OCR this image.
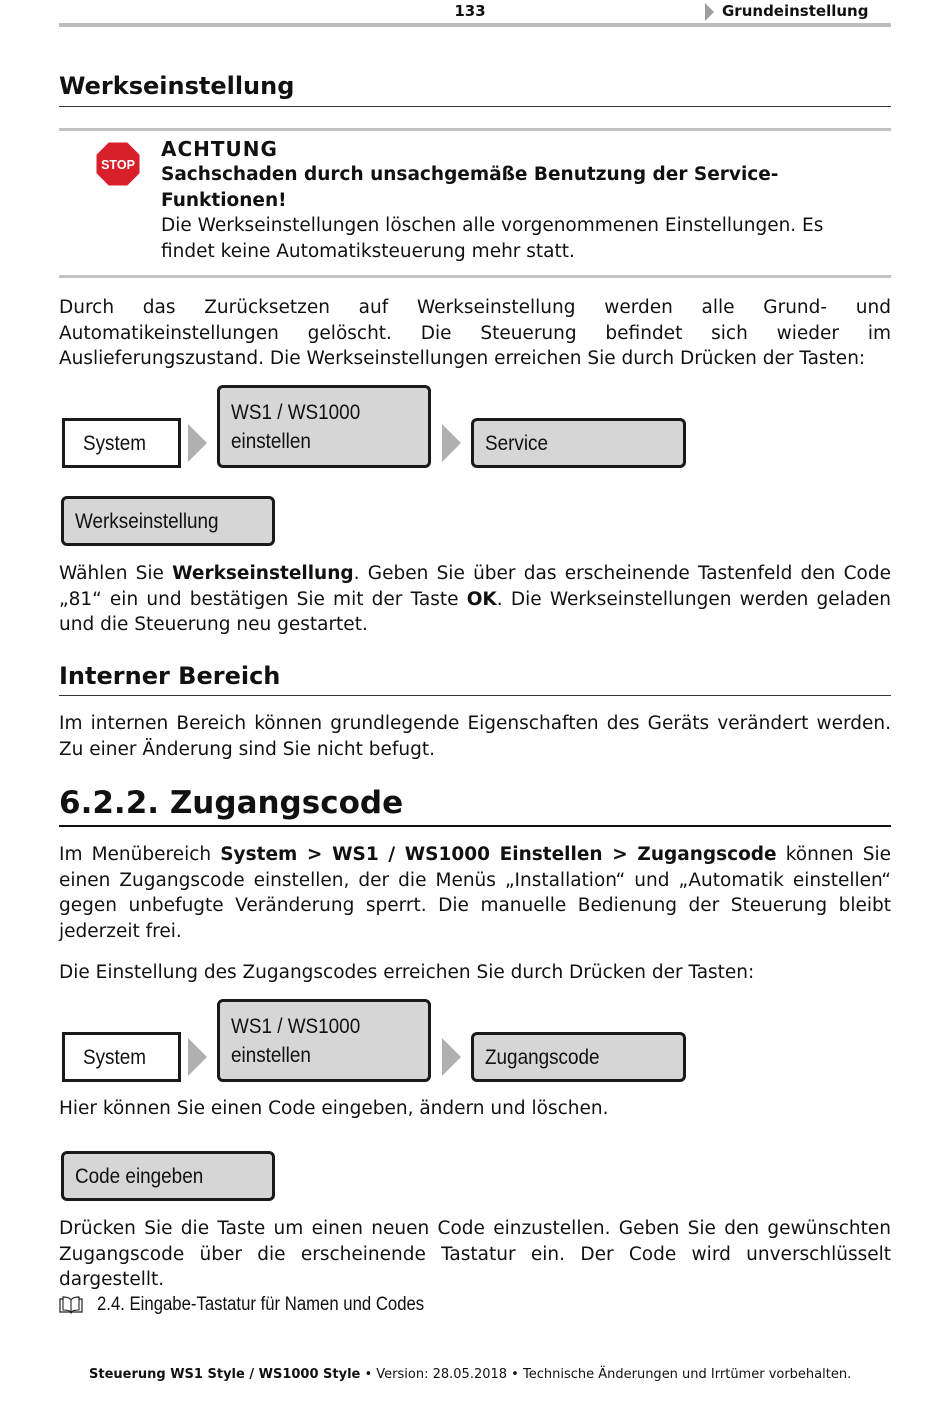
133	Grundeinstellung
Werkseinstellung
STOP
ACHTUNG
Sachschaden durch unsachgemäße Benutzung der Service-Funktionen!
Die Werkseinstellungen löschen alle vorgenommenen Einstellungen. Es findet keine Automatiksteuerung mehr statt.
Durch das Zurücksetzen auf Werkseinstellung werden alle Grund- und Automatikeinstellungen gelöscht. Die Steuerung befindet sich wieder im Auslieferungszustand. Die Werkseinstellungen erreichen Sie durch Drücken der Tasten:
System
WS1 / WS1000
einstellen	Service
Werkseinstellung
Wählen Sie Werkseinstellung. Geben Sie über das erscheinende Tastenfeld den Code „81“ ein und bestätigen Sie mit der Taste OK. Die Werkseinstellungen werden geladen und die Steuerung neu gestartet.
Interner Bereich
Im internen Bereich können grundlegende Eigenschaften des Geräts verändert werden. Zu einer Änderung sind Sie nicht befugt.
6.2.2. Zugangscode
Im Menübereich System > WS1 / WS1000 Einstellen > Zugangscode können Sie einen Zugangscode einstellen, der die Menüs „Installation“ und „Automatik einstellen“ gegen unbefugte Veränderung sperrt. Die manuelle Bedienung der Steuerung bleibt jederzeit frei.
Die Einstellung des Zugangscodes erreichen Sie durch Drücken der Tasten:
System
WS1 / WS1000
einstellen	Zugangscode
Hier können Sie einen Code eingeben, ändern und löschen.
Code eingeben
Drücken Sie die Taste um einen neuen Code einzustellen. Geben Sie den gewünschten Zugangscode über die erscheinende Tastatur ein. Der Code wird unverschlüsselt dargestellt.
2.4. Eingabe-Tastatur für Namen und Codes
Steuerung WS1 Style / WS1000 Style • Version: 28.05.2018 • Technische Änderungen und Irrtümer vorbehalten.
